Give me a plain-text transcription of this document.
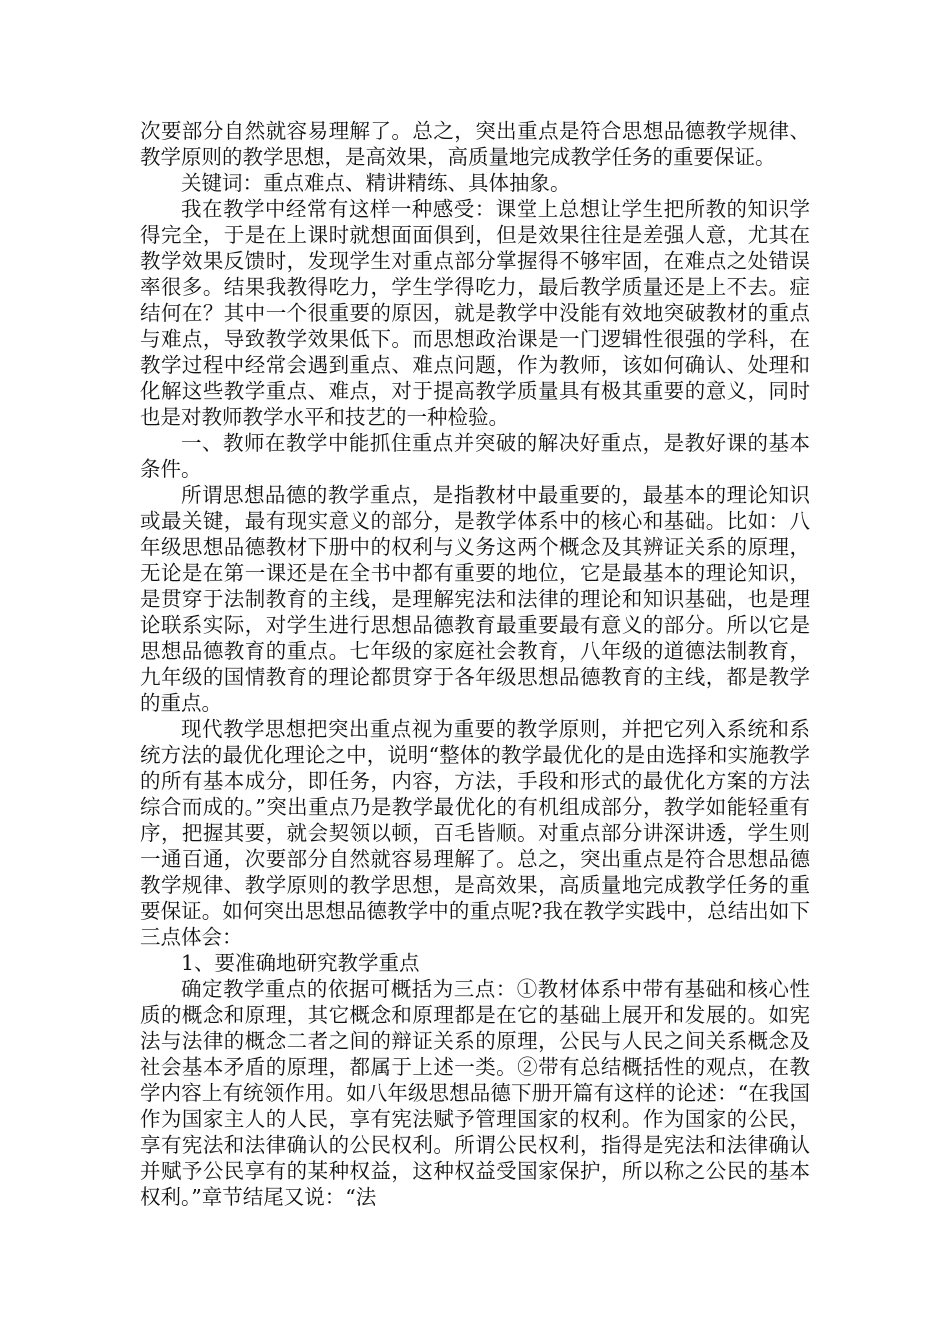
次要部分自然就容易理解了。总之，突出重点是符合思想品德教学规律、教学原则的教学思想，是高效果，高质量地完成教学任务的重要保证。

关键词：重点难点、精讲精练、具体抽象。

我在教学中经常有这样一种感受：课堂上总想让学生把所教的知识学得完全，于是在上课时就想面面俱到，但是效果往往是差强人意，尤其在教学效果反馈时，发现学生对重点部分掌握得不够牢固，在难点之处错误率很多。结果我教得吃力，学生学得吃力，最后教学质量还是上不去。症结何在？其中一个很重要的原因，就是教学中没能有效地突破教材的重点与难点，导致教学效果低下。而思想政治课是一门逻辑性很强的学科，在教学过程中经常会遇到重点、难点问题，作为教师，该如何确认、处理和化解这些教学重点、难点，对于提高教学质量具有极其重要的意义，同时也是对教师教学水平和技艺的一种检验。

一、教师在教学中能抓住重点并突破的解决好重点，是教好课的基本条件。

所谓思想品德的教学重点，是指教材中最重要的，最基本的理论知识或最关键，最有现实意义的部分，是教学体系中的核心和基础。比如：八年级思想品德教材下册中的权利与义务这两个概念及其辨证关系的原理，无论是在第一课还是在全书中都有重要的地位，它是最基本的理论知识，是贯穿于法制教育的主线，是理解宪法和法律的理论和知识基础，也是理论联系实际，对学生进行思想品德教育最重要最有意义的部分。所以它是思想品德教育的重点。七年级的家庭社会教育，八年级的道德法制教育，九年级的国情教育的理论都贯穿于各年级思想品德教育的主线，都是教学的重点。

现代教学思想把突出重点视为重要的教学原则，并把它列入系统和系统方法的最优化理论之中，说明“整体的教学最优化的是由选择和实施教学的所有基本成分，即任务，内容，方法，手段和形式的最优化方案的方法综合而成的。”突出重点乃是教学最优化的有机组成部分，教学如能轻重有序，把握其要，就会契领以顿，百毛皆顺。对重点部分讲深讲透，学生则一通百通，次要部分自然就容易理解了。总之，突出重点是符合思想品德教学规律、教学原则的教学思想，是高效果，高质量地完成教学任务的重要保证。如何突出思想品德教学中的重点呢?我在教学实践中，总结出如下三点体会：

1、要准确地研究教学重点

确定教学重点的依据可概括为三点：①教材体系中带有基础和核心性质的概念和原理，其它概念和原理都是在它的基础上展开和发展的。如宪法与法律的概念二者之间的辩证关系的原理，公民与人民之间关系概念及社会基本矛盾的原理，都属于上述一类。②带有总结概括性的观点，在教学内容上有统领作用。如八年级思想品德下册开篇有这样的论述：“在我国作为国家主人的人民，享有宪法赋予管理国家的权利。作为国家的公民，享有宪法和法律确认的公民权利。所谓公民权利，指得是宪法和法律确认并赋予公民享有的某种权益，这种权益受国家保护，所以称之公民的基本权利。”章节结尾又说：“法
